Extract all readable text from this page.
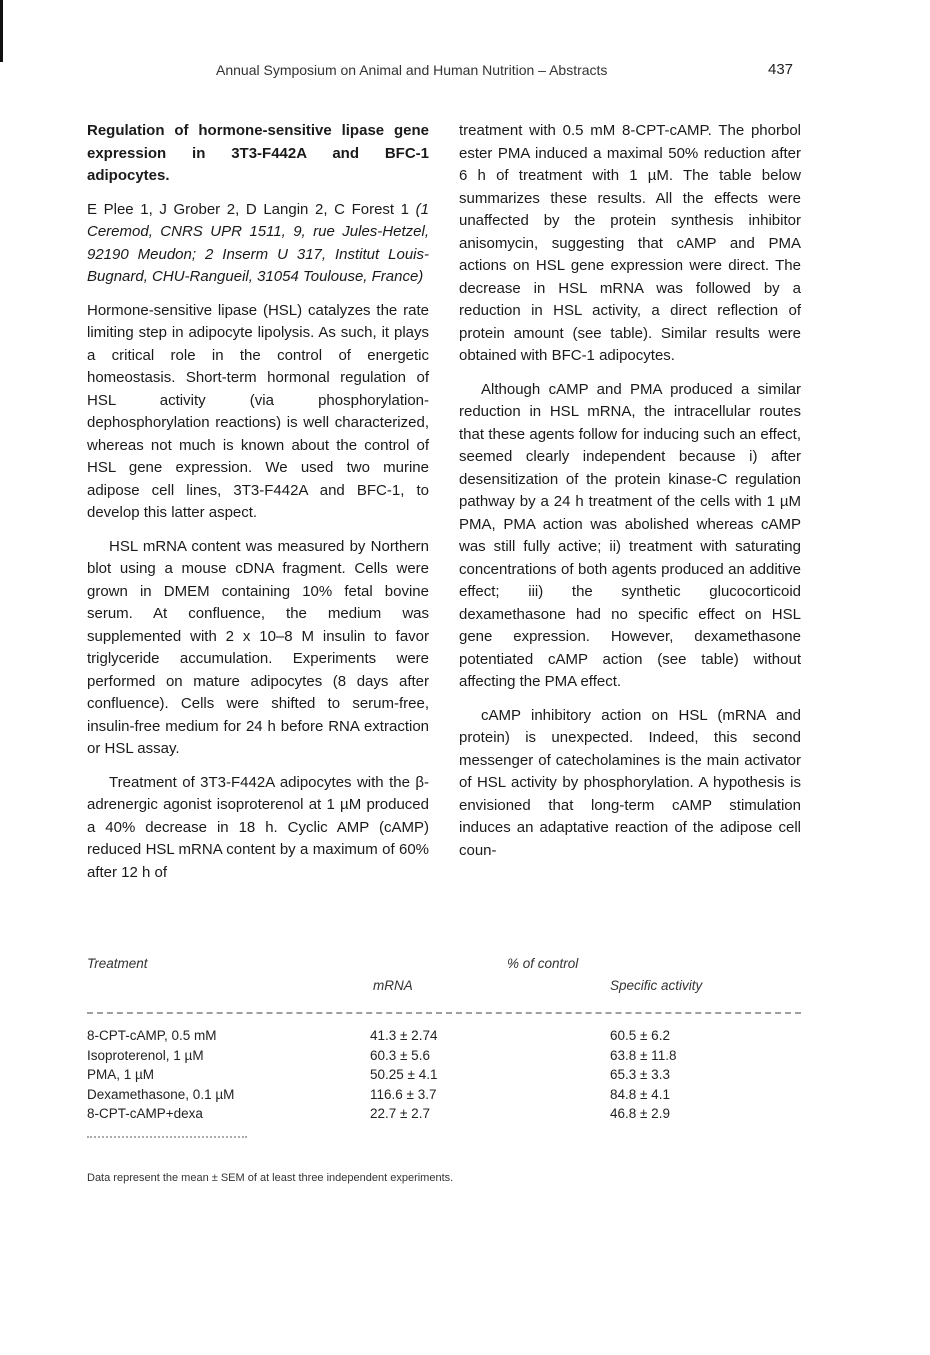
Annual Symposium on Animal and Human Nutrition – Abstracts	437

Regulation of hormone-sensitive lipase gene expression in 3T3-F442A and BFC-1 adipocytes.

E Plee 1, J Grober 2, D Langin 2, C Forest 1 (1 Ceremod, CNRS UPR 1511, 9, rue Jules-Hetzel, 92190 Meudon; 2 Inserm U 317, Institut Louis-Bugnard, CHU-Rangueil, 31054 Toulouse, France)

Hormone-sensitive lipase (HSL) catalyzes the rate limiting step in adipocyte lipolysis. As such, it plays a critical role in the control of energetic homeostasis. Short-term hormonal regulation of HSL activity (via phosphorylation-dephosphorylation reactions) is well characterized, whereas not much is known about the control of HSL gene expression. We used two murine adipose cell lines, 3T3-F442A and BFC-1, to develop this latter aspect.

HSL mRNA content was measured by Northern blot using a mouse cDNA fragment. Cells were grown in DMEM containing 10% fetal bovine serum. At confluence, the medium was supplemented with 2 x 10–8 M insulin to favor triglyceride accumulation. Experiments were performed on mature adipocytes (8 days after confluence). Cells were shifted to serum-free, insulin-free medium for 24 h before RNA extraction or HSL assay.

Treatment of 3T3-F442A adipocytes with the β-adrenergic agonist isoproterenol at 1 µM produced a 40% decrease in 18 h. Cyclic AMP (cAMP) reduced HSL mRNA content by a maximum of 60% after 12 h of

treatment with 0.5 mM 8-CPT-cAMP. The phorbol ester PMA induced a maximal 50% reduction after 6 h of treatment with 1 µM. The table below summarizes these results. All the effects were unaffected by the protein synthesis inhibitor anisomycin, suggesting that cAMP and PMA actions on HSL gene expression were direct. The decrease in HSL mRNA was followed by a reduction in HSL activity, a direct reflection of protein amount (see table). Similar results were obtained with BFC-1 adipocytes.

Although cAMP and PMA produced a similar reduction in HSL mRNA, the intracellular routes that these agents follow for inducing such an effect, seemed clearly independent because i) after desensitization of the protein kinase-C regulation pathway by a 24 h treatment of the cells with 1 µM PMA, PMA action was abolished whereas cAMP was still fully active; ii) treatment with saturating concentrations of both agents produced an additive effect; iii) the synthetic glucocorticoid dexamethasone had no specific effect on HSL gene expression. However, dexamethasone potentiated cAMP action (see table) without affecting the PMA effect.

cAMP inhibitory action on HSL (mRNA and protein) is unexpected. Indeed, this second messenger of catecholamines is the main activator of HSL activity by phosphorylation. A hypothesis is envisioned that long-term cAMP stimulation induces an adaptative reaction of the adipose cell coun-

Treatment	% of control
mRNA	Specific activity
8-CPT-cAMP, 0.5 mM	41.3 ± 2.74	60.5 ± 6.2
Isoproterenol, 1 µM	60.3 ± 5.6	63.8 ± 11.8
PMA, 1 µM	50.25 ± 4.1	65.3 ± 3.3
Dexamethasone, 0.1 µM	116.6 ± 3.7	84.8 ± 4.1
8-CPT-cAMP+dexa	22.7 ± 2.7	46.8 ± 2.9
Data represent the mean ± SEM of at least three independent experiments.
